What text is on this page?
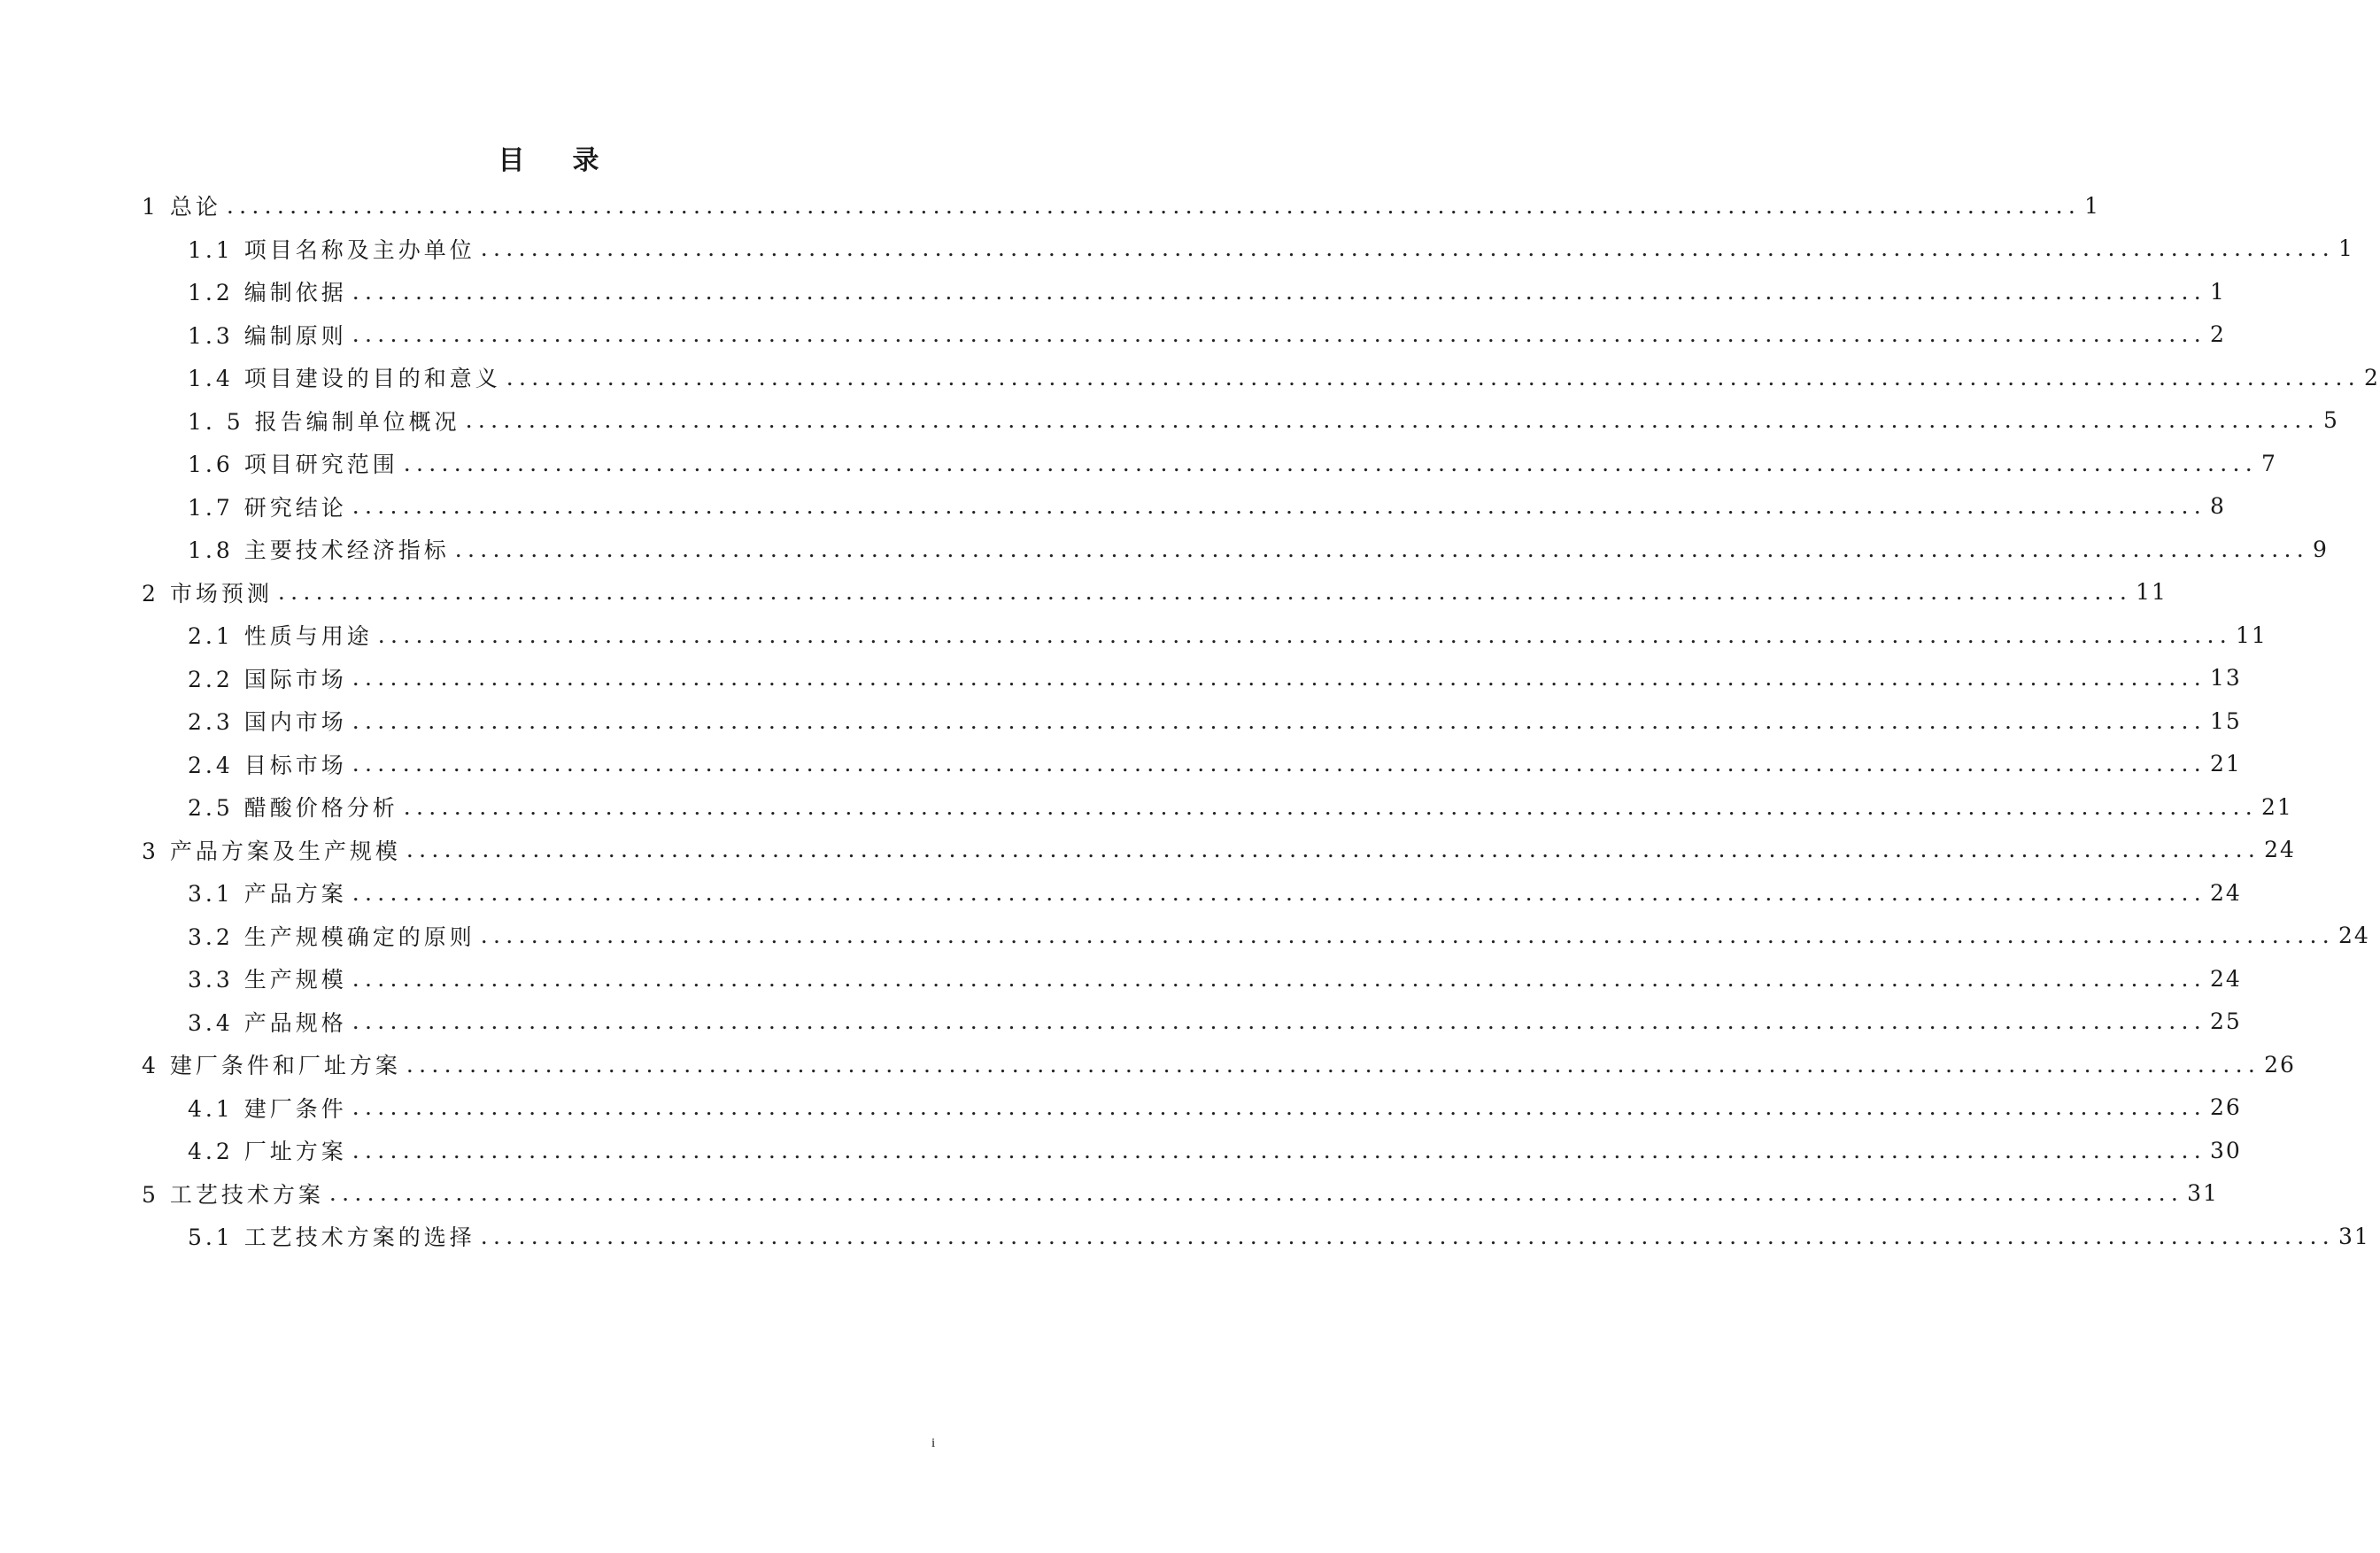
目 录
1 总论 ................................................................................................................................................... 1
1.1 项目名称及主办单位 ................................................................................................................................................... 1
1.2 编制依据 ................................................................................................................................................... 1
1.3 编制原则 ................................................................................................................................................... 2
1.4 项目建设的目的和意义 ................................................................................................................................................... 2
1. 5 报告编制单位概况 ................................................................................................................................................... 5
1.6 项目研究范围 ................................................................................................................................................... 7
1.7 研究结论 ................................................................................................................................................... 8
1.8 主要技术经济指标 ................................................................................................................................................... 9
2 市场预测 ................................................................................................................................................... 11
2.1 性质与用途 ................................................................................................................................................... 11
2.2 国际市场 ................................................................................................................................................... 13
2.3 国内市场 ................................................................................................................................................... 15
2.4 目标市场 ................................................................................................................................................... 21
2.5 醋酸价格分析 ................................................................................................................................................... 21
3 产品方案及生产规模 ................................................................................................................................................... 24
3.1 产品方案 ................................................................................................................................................... 24
3.2 生产规模确定的原则 ................................................................................................................................................... 24
3.3 生产规模 ................................................................................................................................................... 24
3.4 产品规格 ................................................................................................................................................... 25
4 建厂条件和厂址方案 ................................................................................................................................................... 26
4.1 建厂条件 ................................................................................................................................................... 26
4.2 厂址方案 ................................................................................................................................................... 30
5 工艺技术方案 ................................................................................................................................................... 31
5.1 工艺技术方案的选择 ................................................................................................................................................... 31
i
